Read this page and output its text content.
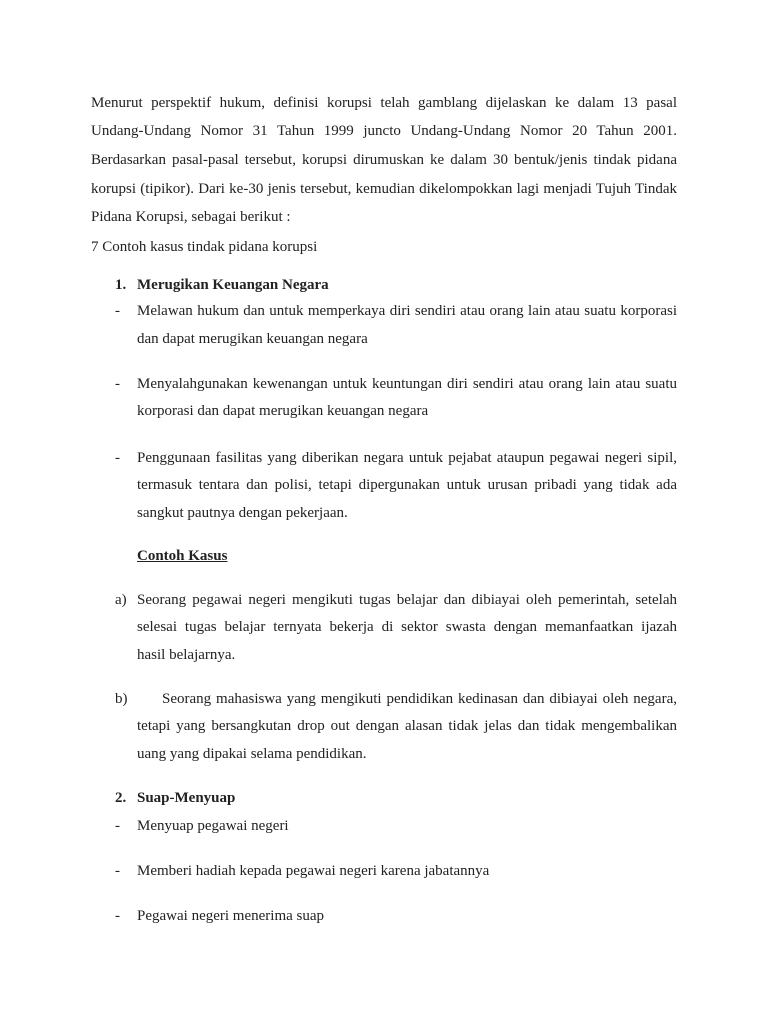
Menurut perspektif hukum, definisi korupsi telah gamblang dijelaskan ke dalam 13 pasal
Undang-Undang Nomor 31 Tahun 1999 juncto Undang-Undang Nomor 20 Tahun 2001.
Berdasarkan pasal-pasal tersebut, korupsi dirumuskan ke dalam 30 bentuk/jenis tindak pidana
korupsi (tipikor). Dari ke-30 jenis tersebut, kemudian dikelompokkan lagi menjadi Tujuh Tindak
Pidana Korupsi, sebagai berikut :
7 Contoh kasus tindak pidana korupsi
1. Merugikan Keuangan Negara
- Melawan hukum dan untuk memperkaya diri sendiri atau orang lain atau suatu korporasi
dan dapat merugikan keuangan negara
- Menyalahgunakan kewenangan untuk keuntungan diri sendiri atau orang lain atau suatu
korporasi dan dapat merugikan keuangan negara
- Penggunaan fasilitas yang diberikan negara untuk pejabat ataupun pegawai negeri sipil,
termasuk tentara dan polisi, tetapi dipergunakan untuk urusan pribadi yang tidak ada
sangkut pautnya dengan pekerjaan.
Contoh Kasus
a) Seorang pegawai negeri mengikuti tugas belajar dan dibiayai oleh pemerintah, setelah
selesai tugas belajar ternyata bekerja di sektor swasta dengan memanfaatkan ijazah
hasil belajarnya.
b) Seorang mahasiswa yang mengikuti pendidikan kedinasan dan dibiayai oleh negara,
tetapi yang bersangkutan drop out dengan alasan tidak jelas dan tidak mengembalikan
uang yang dipakai selama pendidikan.
2. Suap-Menyuap
- Menyuap pegawai negeri
- Memberi hadiah kepada pegawai negeri karena jabatannya
- Pegawai negeri menerima suap
